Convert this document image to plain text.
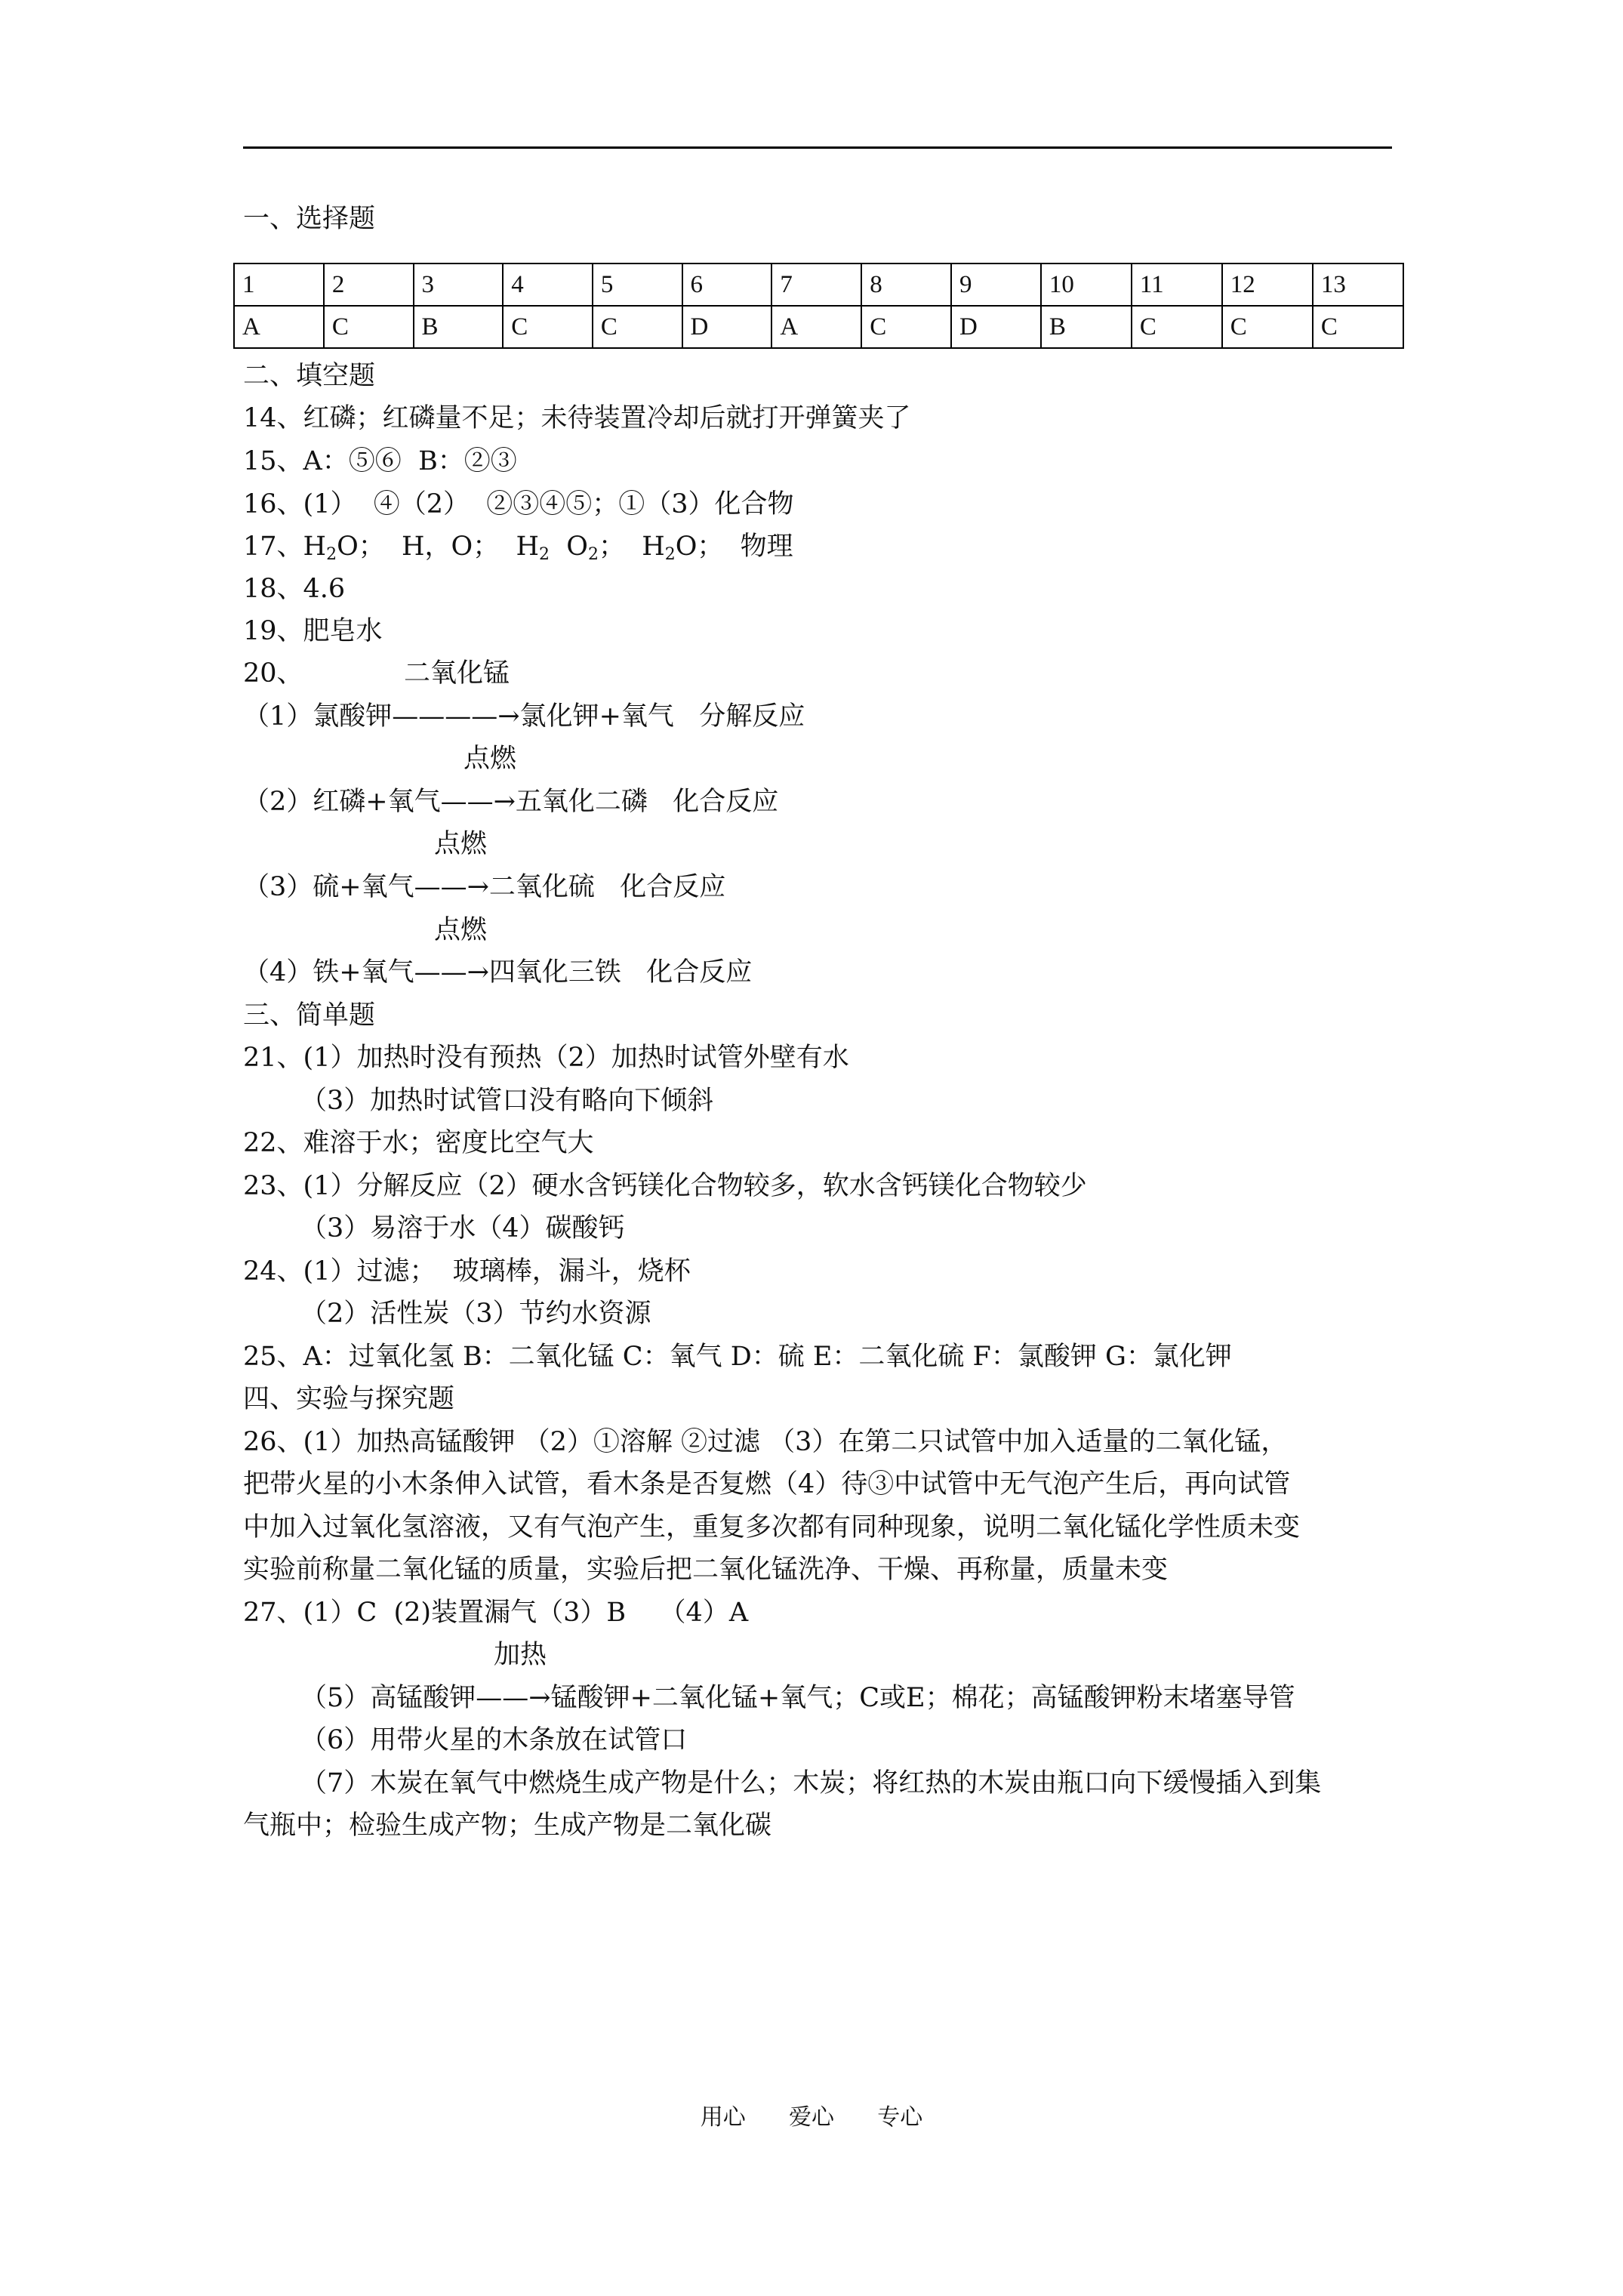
一、选择题
1	2	3	4	5	6	7	8	9	10	11	12	13
A	C	B	C	C	D	A	C	D	B	C	C	C
二、填空题
14、红磷；红磷量不足；未待装置冷却后就打开弹簧夹了
15、A：⑤⑥  B：②③
16、(1）  ④（2）  ②③④⑤；①（3）化合物
17、$H_2O$；  H，O；  $H_2$  $O_2$；  $H_2O$；  物理
18、4.6
19、肥皂水
20、	二氧化锰
（1）氯酸钾————→氯化钾+氧气   分解反应
点燃
（2）红磷+氧气——→五氧化二磷   化合反应
点燃
（3）硫+氧气——→二氧化硫   化合反应
点燃
（4）铁+氧气——→四氧化三铁   化合反应
三、简单题
21、(1）加热时没有预热（2）加热时试管外壁有水
（3）加热时试管口没有略向下倾斜
22、难溶于水；密度比空气大
23、(1）分解反应（2）硬水含钙镁化合物较多，软水含钙镁化合物较少
（3）易溶于水（4）碳酸钙
24、(1）过滤；  玻璃棒，漏斗，烧杯
（2）活性炭（3）节约水资源
25、A：过氧化氢 B：二氧化锰 C：氧气 D：硫 E：二氧化硫 F：氯酸钾 G：氯化钾
四、实验与探究题
26、(1）加热高锰酸钾 （2）①溶解 ②过滤 （3）在第二只试管中加入适量的二氧化锰，
把带火星的小木条伸入试管，看木条是否复燃（4）待③中试管中无气泡产生后，再向试管
中加入过氧化氢溶液，又有气泡产生，重复多次都有同种现象，说明二氧化锰化学性质未变
实验前称量二氧化锰的质量，实验后把二氧化锰洗净、干燥、再称量，质量未变
27、(1）C  (2)装置漏气（3）B    （4）A
加热
（5）高锰酸钾——→锰酸钾+二氧化锰+氧气；C或E；棉花；高锰酸钾粉末堵塞导管
（6）用带火星的木条放在试管口
（7）木炭在氧气中燃烧生成产物是什么；木炭；将红热的木炭由瓶口向下缓慢插入到集
气瓶中；检验生成产物；生成产物是二氧化碳
用心      爱心      专心
